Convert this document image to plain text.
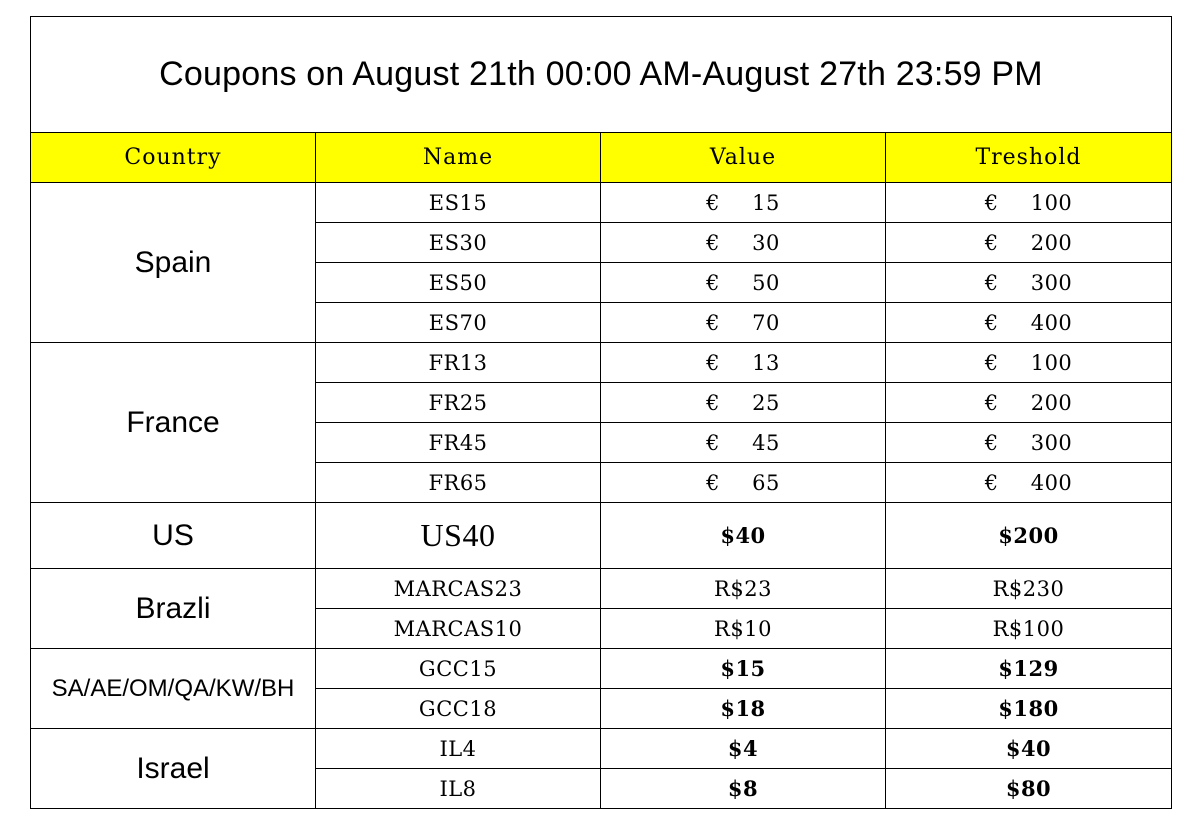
Coupons on August 21th 00:00 AM-August 27th 23:59 PM			
Country	Name	Value	Treshold
Spain	ES15	€ 15	€ 100
	ES30	€ 30	€ 200
	ES50	€ 50	€ 300
	ES70	€ 70	€ 400
France	FR13	€ 13	€ 100
	FR25	€ 25	€ 200
	FR45	€ 45	€ 300
	FR65	€ 65	€ 400
US	US40	$40	$200
Brazli	MARCAS23	R$23	R$230
	MARCAS10	R$10	R$100
SA/AE/OM/QA/KW/BH	GCC15	$15	$129
	GCC18	$18	$180
Israel	IL4	$4	$40
	IL8	$8	$80
